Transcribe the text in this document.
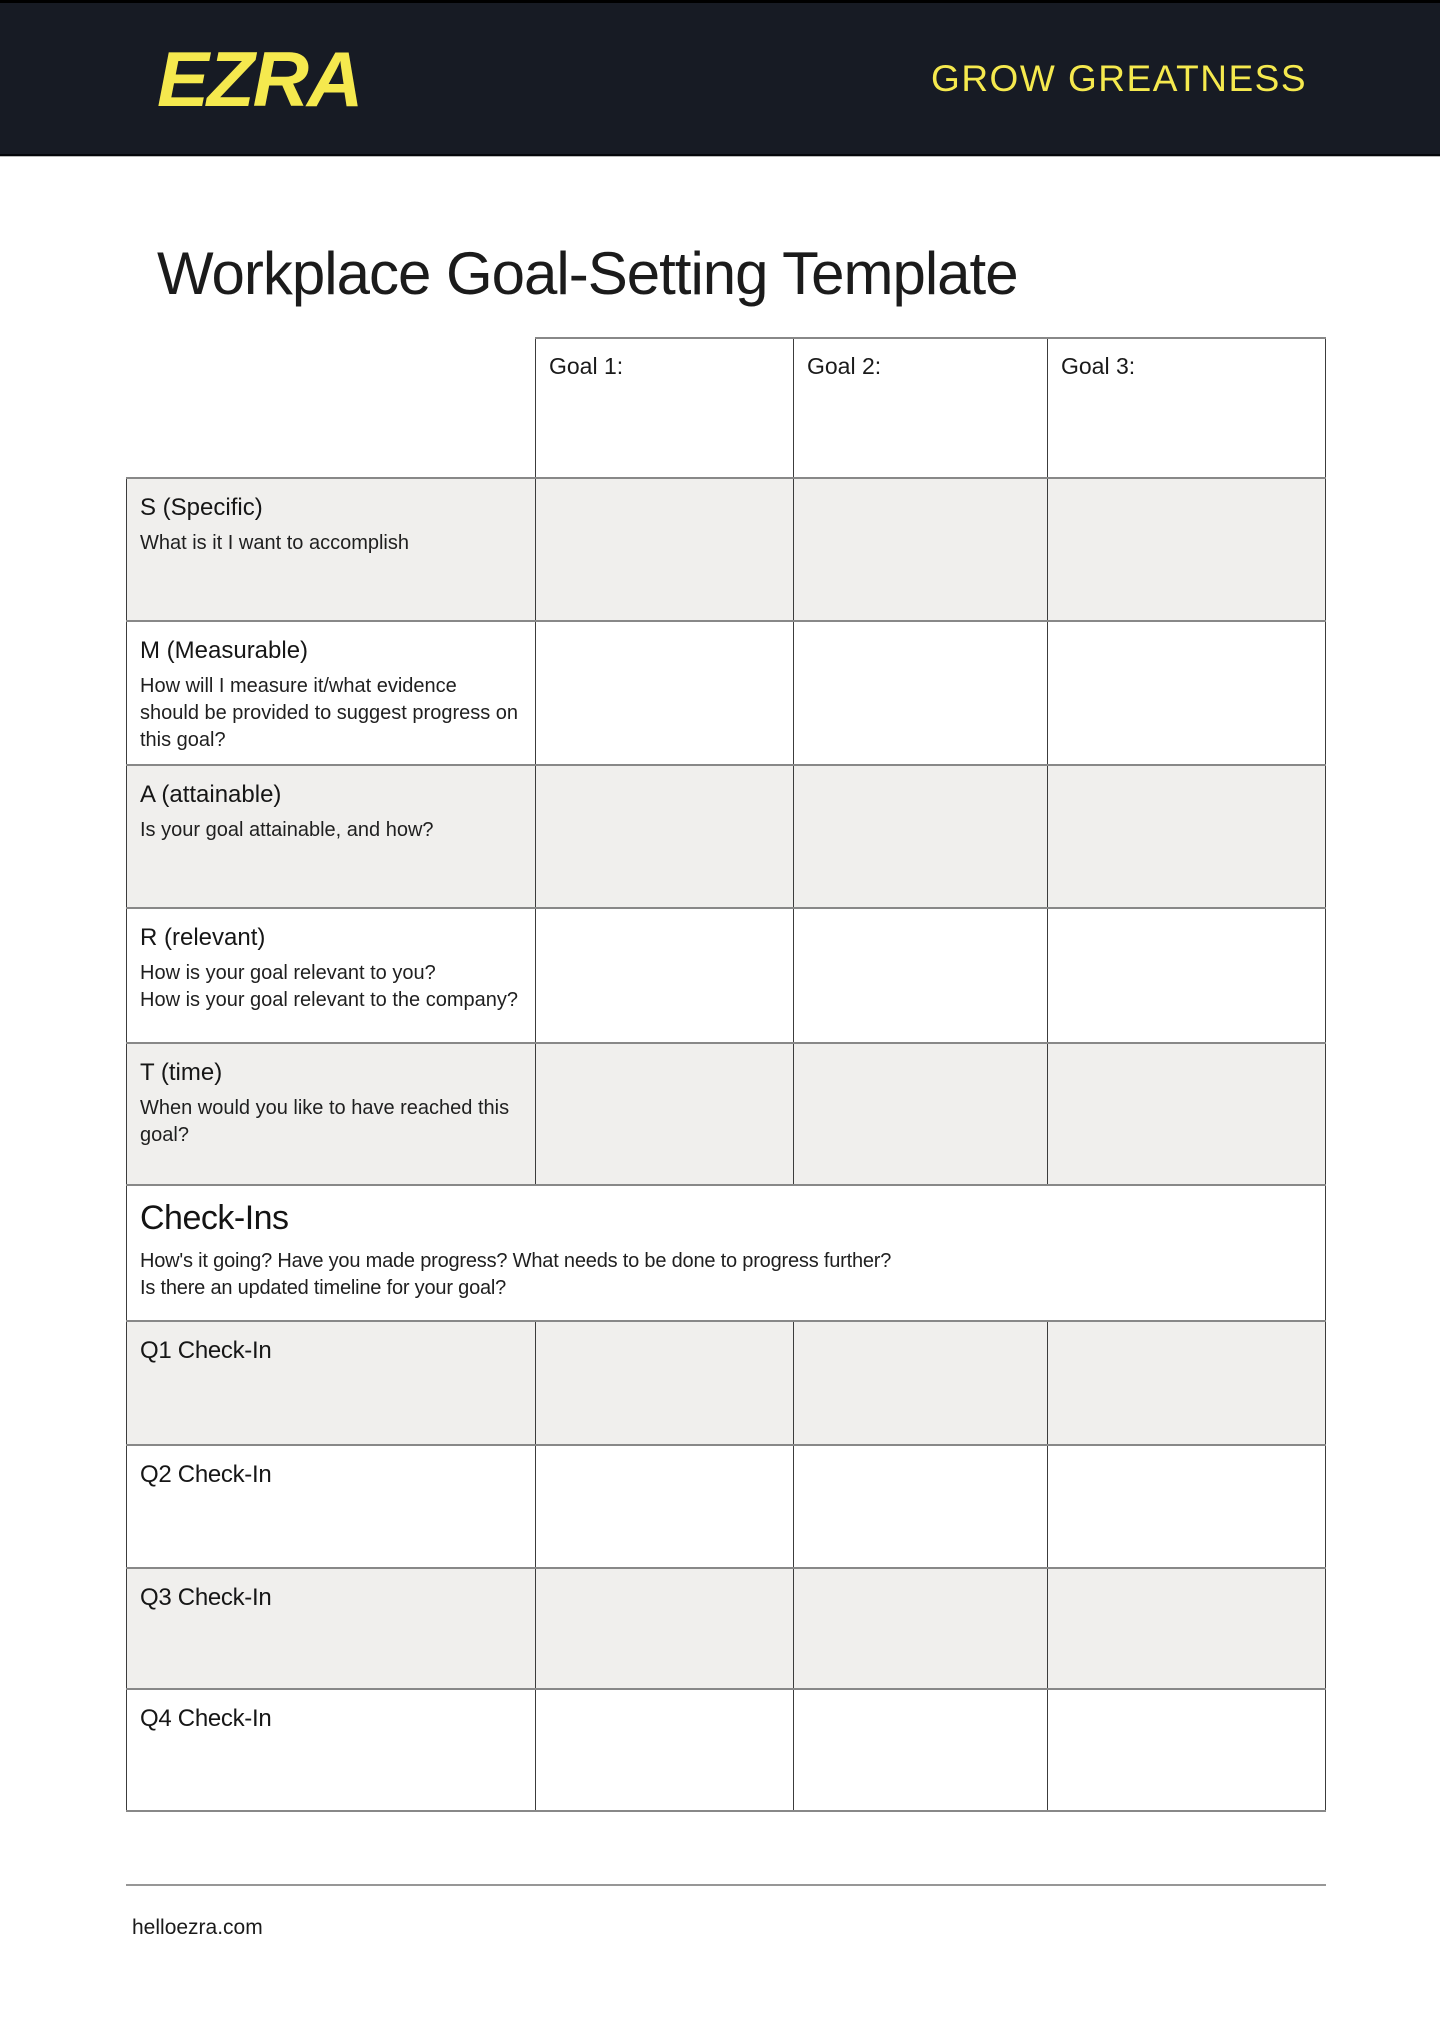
EZRA	GROW GREATNESS
Workplace Goal-Setting Template

	Goal 1:	Goal 2:	Goal 3:

S (Specific)
What is it I want to accomplish			

M (Measurable)
How will I measure it/what evidence should be provided to suggest progress on this goal?			

A (attainable)
Is your goal attainable, and how?			

R (relevant)
How is your goal relevant to you?
How is your goal relevant to the company?			

T (time)
When would you like to have reached this goal?			

Check-Ins
How's it going? Have you made progress? What needs to be done to progress further?
Is there an updated timeline for your goal?			

Q1 Check-In			

Q2 Check-In			

Q3 Check-In			

Q4 Check-In			

helloezra.com
